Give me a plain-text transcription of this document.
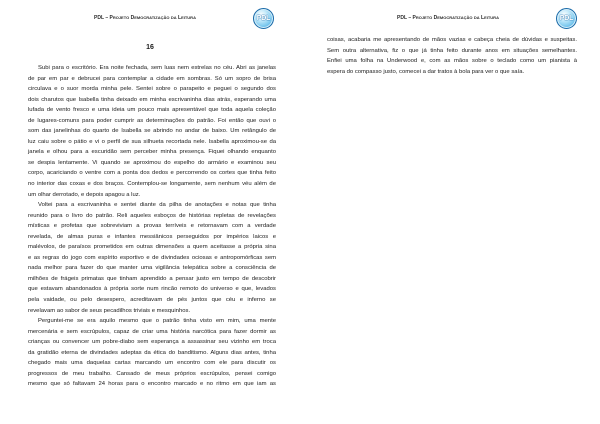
PDL – Projeto Democratização da Leitura	PDL
16
Subi para o escritório. Era noite fechada, sem luas nem estrelas no céu. Abri as janelas
de par em par e debrucei para contemplar a cidade em sombras. Só um sopro de brisa
circulava e o suor morda minha pele. Sentei sobre o parapeito e peguei o segundo dos
dois charutos que Isabella tinha deixado em minha escrivaninha dias atrás, esperando uma
lufada de vento fresco e uma ideia um pouco mais apresentável que toda aquela coleção
de lugares-comuns para poder cumprir as determinações do patrão. Foi então que ouvi o
som das janelinhas do quarto de Isabella se abrindo no andar de baixo. Um retângulo de
luz caiu sobre o pátio e vi o perfil de sua silhueta recortada nele. Isabella aproximou-se da
janela e olhou para a escuridão sem perceber minha presença. Fiquei olhando enquanto
se despia lentamente. Vi quando se aproximou do espelho do armário e examinou seu
corpo, acariciando o ventre com a ponta dos dedos e percorrendo os cortes que tinha feito
no interior das coxas e dos braços. Contemplou-se longamente, sem nenhum véu além de
um olhar derrotado, e depois apagou a luz.
Voltei para a escrivaninha e sentei diante da pilha de anotações e notas que tinha
reunido para o livro do patrão. Reli aqueles esboços de histórias repletas de revelações
místicas e profetas que sobreviviam a provas terríveis e retornavam com a verdade
revelada, de almas puras e infantes messiânicos perseguidos por impérios laicos e
malévolos, de paraísos prometidos em outras dimensões a quem aceitasse a própria sina
e as regras do jogo com espírito esportivo e de divindades ociosas e antropomórficas sem
nada melhor para fazer do que manter uma vigilância telepática sobre a consciência de
milhões de frágeis primatas que tinham aprendido a pensar justo em tempo de descobrir
que estavam abandonados à própria sorte num rincão remoto do universo e que, levados
pela vaidade, ou pelo desespero, acreditavam de pés juntos que céu e inferno se
revelavam ao sabor de seus pecadilhos triviais e mesquinhos.
Perguntei-me se era aquilo mesmo que o patrão tinha visto em mim, uma mente
mercenária e sem escrúpulos, capaz de criar uma história narcótica para fazer dormir as
crianças ou convencer um pobre-diabo sem esperança a assassinar seu vizinho em troca
da gratidão eterna de divindades adeptas da ética do banditismo. Alguns dias antes, tinha
chegado mais uma daquelas cartas marcando um encontro com ele para discutir os
progressos de meu trabalho. Cansado de meus próprios escrúpulos, pensei comigo
mesmo que só faltavam 24 horas para o encontro marcado e no ritmo em que iam as
PDL – Projeto Democratização da Leitura	PDL
coisas, acabaria me apresentando de mãos vazias e cabeça cheia de dúvidas e suspeitas.
Sem outra alternativa, fiz o que já tinha feito durante anos em situações semelhantes.
Enfiei uma folha na Underwood e, com as mãos sobre o teclado como um pianista à
espera do compasso justo, comecei a dar tratos à bola para ver o que saía.
